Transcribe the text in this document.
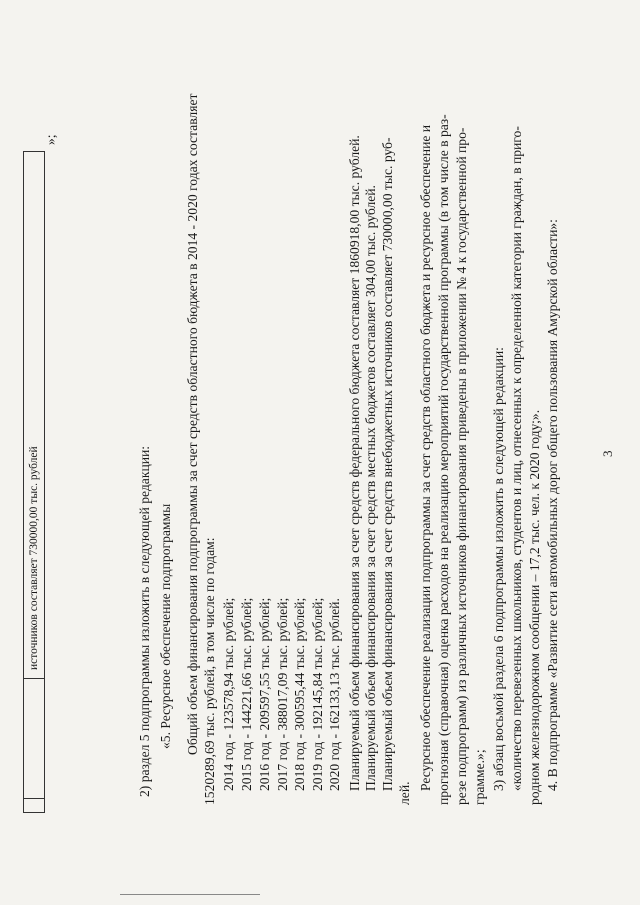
3
источников составляет 730000,00 тыс. рублей
»;
2) раздел 5 подпрограммы изложить в следующей редакции: «5. Ресурсное обеспечение подпрограммы Общий объем финансирования подпрограммы за счет средств областного бюджета в 2014 - 2020 годах составляет 1520289,69 тыс. рублей, в том числе по годам: 2014 год - 123578,94 тыс. рублей; 2015 год - 144221,66 тыс. рублей; 2016 год - 209597,55 тыс. рублей; 2017 год - 388017,09 тыс. рублей; 2018 год - 300595,44 тыс. рублей; 2019 год - 192145,84 тыс. рублей; 2020 год - 162133,13 тыс. рублей. Планируемый объем финансирования за счет средств федерального бюджета составляет 1860918,00 тыс. рублей. Планируемый объем финансирования за счет средств местных бюджетов составляет 304,00 тыс. рублей. Планируемый объем финансирования за счет средств внебюджетных источников составляет 730000,00 тыс. руб-
лей.
Ресурсное обеспечение реализации подпрограммы за счет средств областного бюджета и ресурсное обеспечение и прогнозная (справочная) оценка расходов на реализацию мероприятий государственной программы (в том числе в раз- резе подпрограмм) из различных источников финансирования приведены в приложении № 4 к государственной про- грамме.»; 3) абзац восьмой раздела 6 подпрограммы изложить в следующей редакции: «количество перевезенных школьников, студентов и лиц, отнесенных к определенной категории граждан, в приго- родном железнодорожном сообщении – 17,2 тыс. чел. к 2020 году;». 4. В подпрограмме «Развитие сети автомобильных дорог общего пользования Амурской области»:
